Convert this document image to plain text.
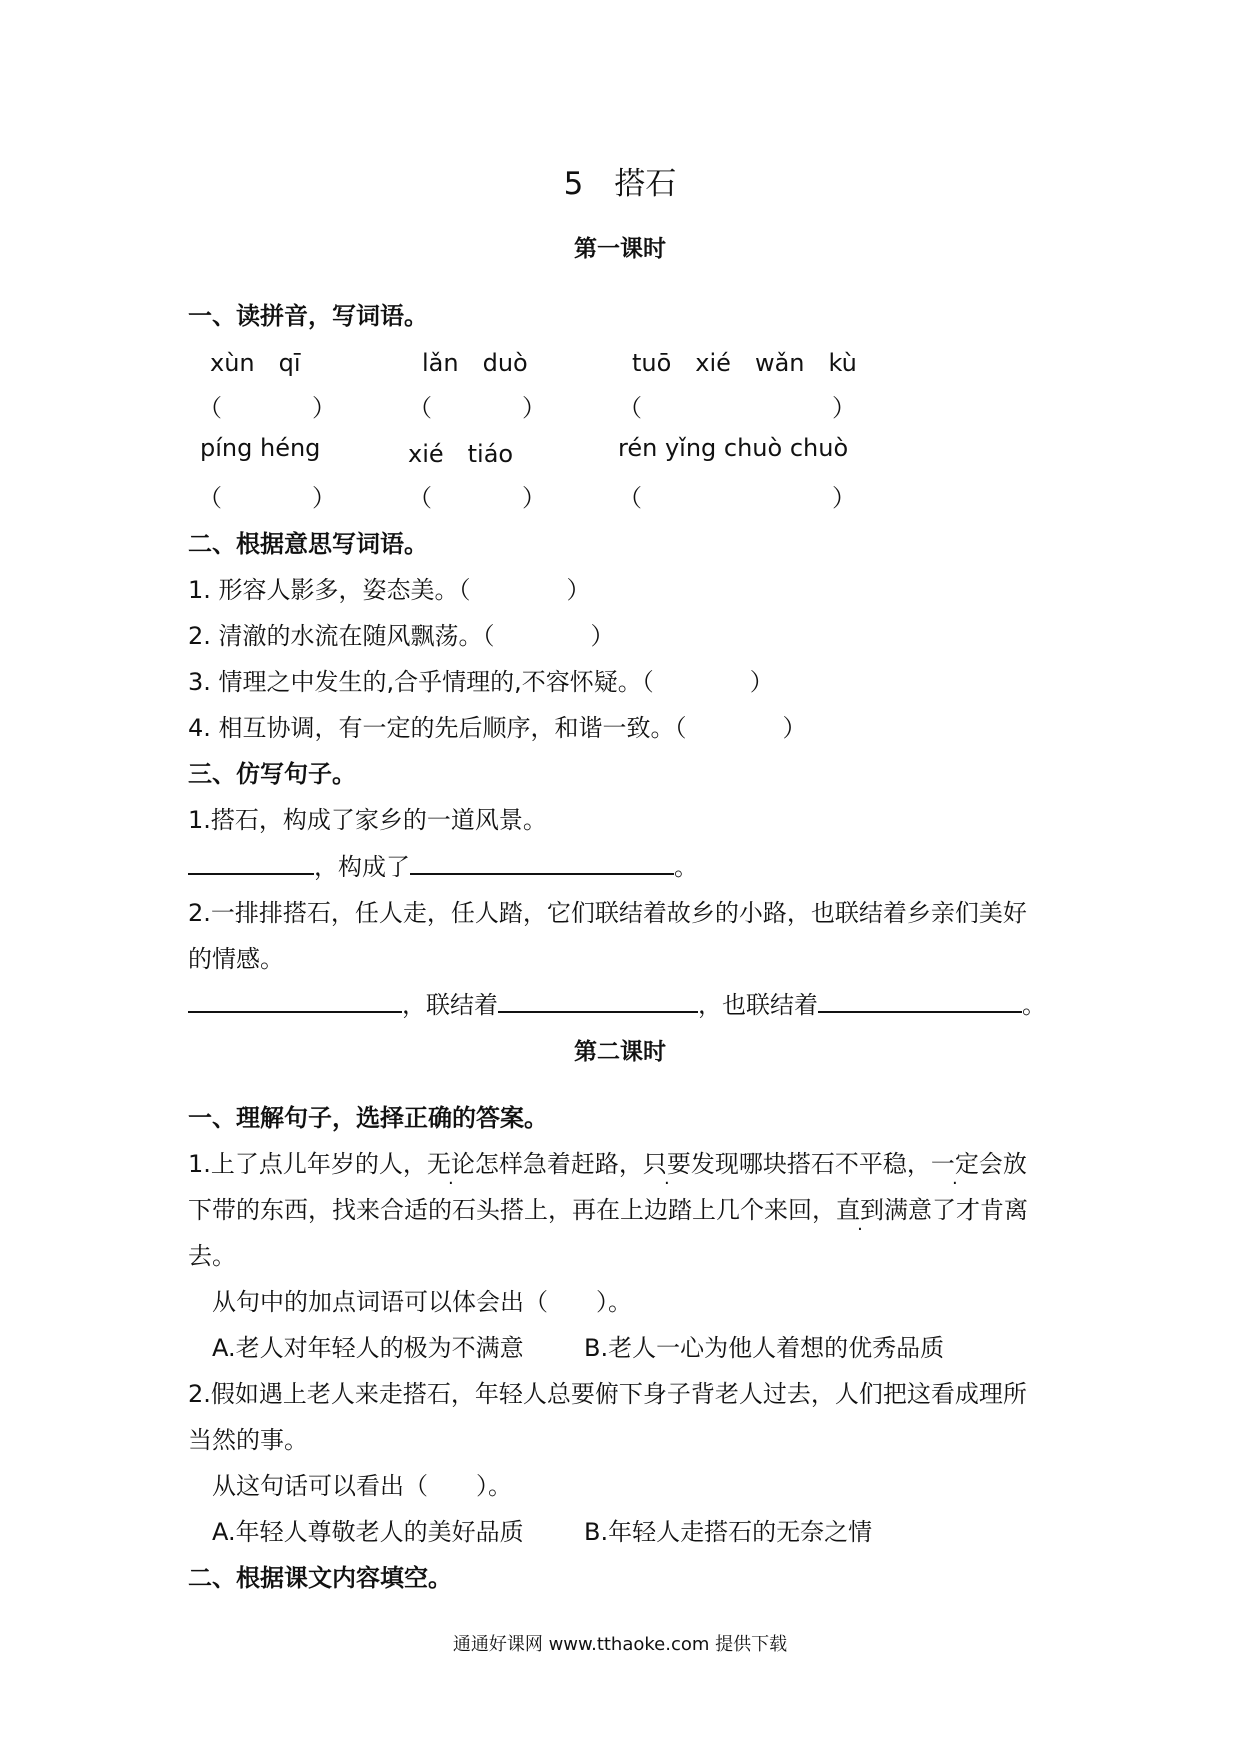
5　搭石
第一课时
一、读拼音，写词语。
xùn　qī	lǎn　duò	tuō　xié　wǎn　kù
（	）	（	）	（	）
píng héng	xié　tiáo	rén yǐng chuò chuò
（	）	（	）	（	）
二、根据意思写词语。
1. 形容人影多，姿态美。（　　　　）
2. 清澈的水流在随风飘荡。（　　　　）
3. 情理之中发生的,合乎情理的,不容怀疑。（　　　　）
4. 相互协调，有一定的先后顺序，和谐一致。（　　　　）
三、仿写句子。
1.搭石，构成了家乡的一道风景。
，构成了	。
2.一排排搭石，任人走，任人踏，它们联结着故乡的小路，也联结着乡亲们美好
的情感。
，联结着	，也联结着	。
第二课时
一、理解句子，选择正确的答案。
1.上了点儿年岁的人，无论怎样急着赶路，只要发现哪块搭石不平稳，一定会放
下带的东西，找来合适的石头搭上，再在上边踏上几个来回，直到满意了才肯离
去。
从句中的加点词语可以体会出（　　）。
A.老人对年轻人的极为不满意	B.老人一心为他人着想的优秀品质
2.假如遇上老人来走搭石，年轻人总要俯下身子背老人过去，人们把这看成理所
当然的事。
从这句话可以看出（　　）。
A.年轻人尊敬老人的美好品质	B.年轻人走搭石的无奈之情
二、根据课文内容填空。
通通好课网 www.tthaoke.com 提供下载
